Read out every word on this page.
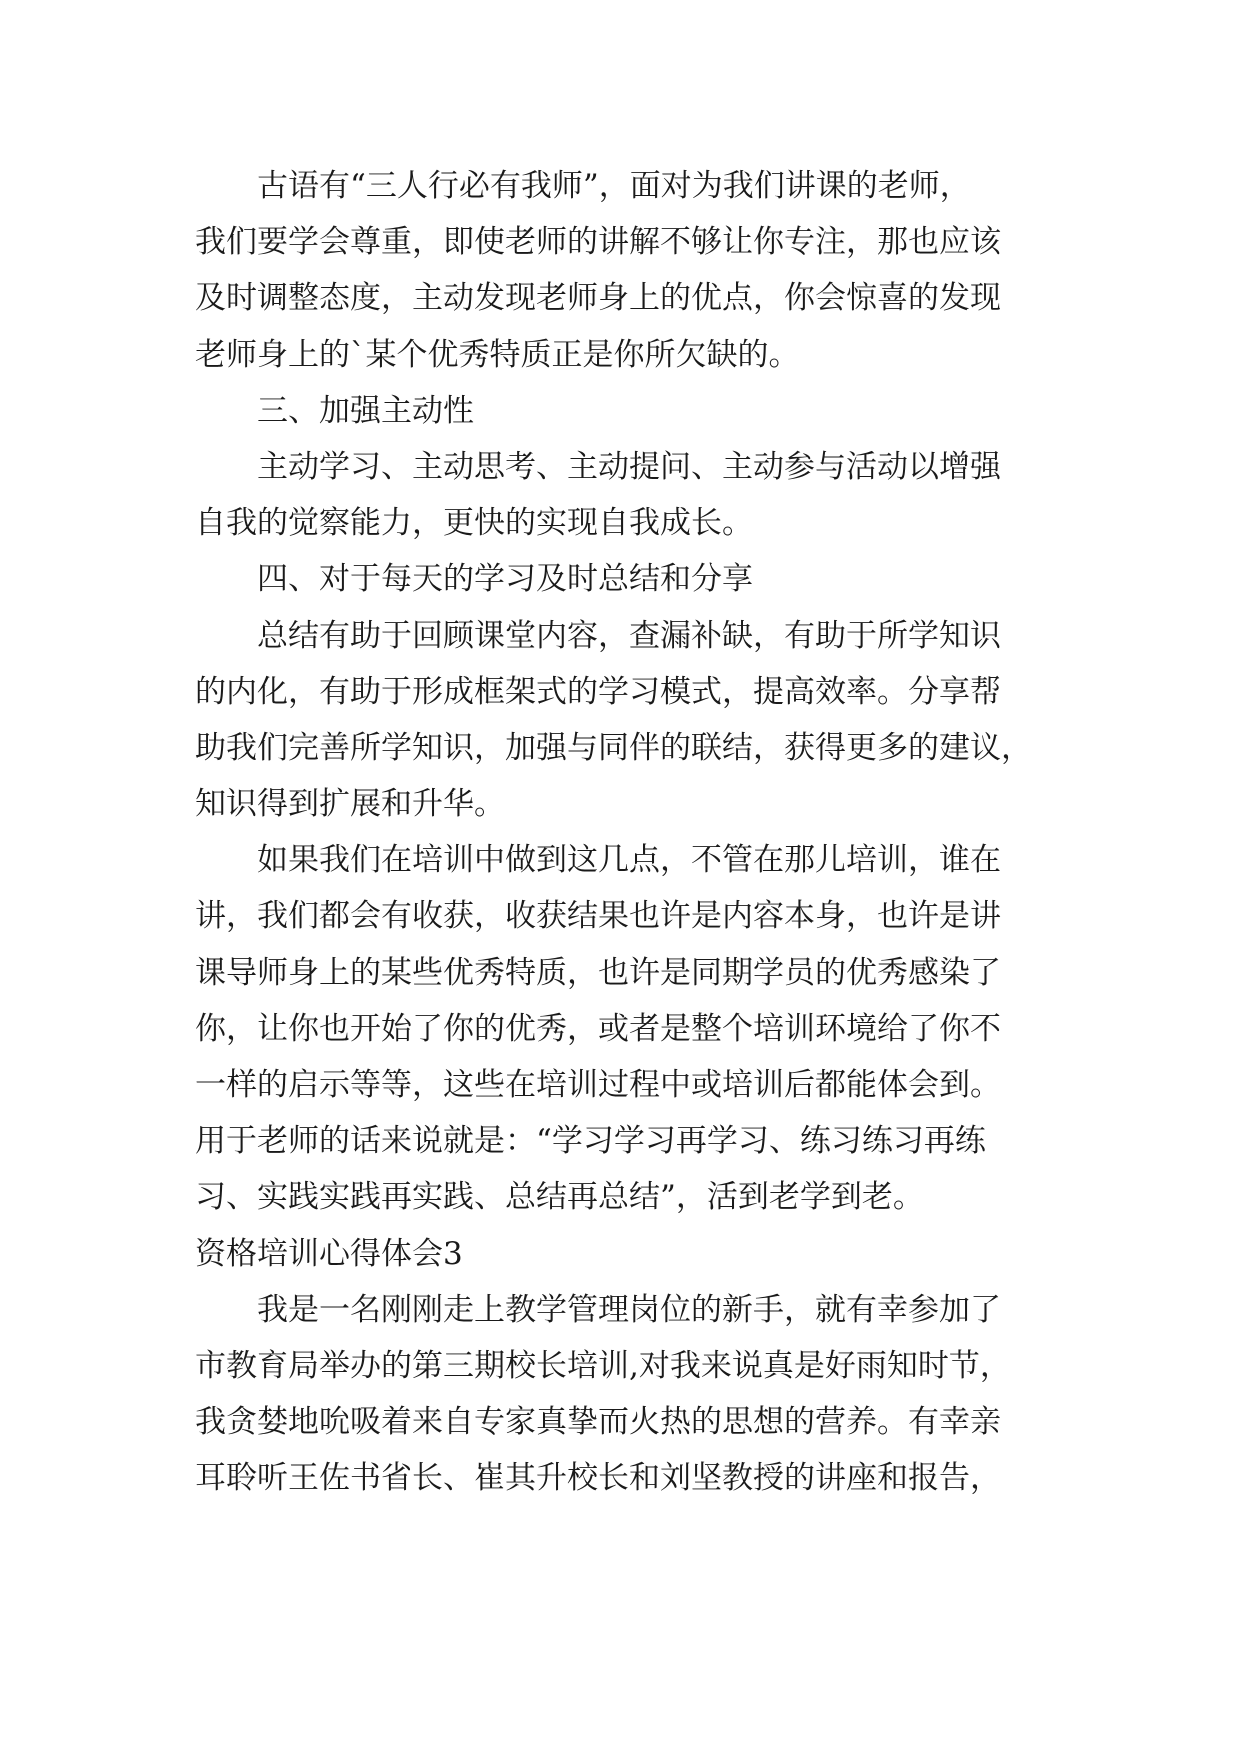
古语有“三人行必有我师”，面对为我们讲课的老师，
我们要学会尊重，即使老师的讲解不够让你专注，那也应该
及时调整态度，主动发现老师身上的优点，你会惊喜的发现
老师身上的`某个优秀特质正是你所欠缺的。
三、加强主动性
主动学习、主动思考、主动提问、主动参与活动以增强
自我的觉察能力，更快的实现自我成长。
四、对于每天的学习及时总结和分享
总结有助于回顾课堂内容，查漏补缺，有助于所学知识
的内化，有助于形成框架式的学习模式，提高效率。分享帮
助我们完善所学知识，加强与同伴的联结，获得更多的建议，
知识得到扩展和升华。
如果我们在培训中做到这几点，不管在那儿培训，谁在
讲，我们都会有收获，收获结果也许是内容本身，也许是讲
课导师身上的某些优秀特质，也许是同期学员的优秀感染了
你，让你也开始了你的优秀，或者是整个培训环境给了你不
一样的启示等等，这些在培训过程中或培训后都能体会到。
用于老师的话来说就是：“学习学习再学习、练习练习再练
习、实践实践再实践、总结再总结”，活到老学到老。
资格培训心得体会3
我是一名刚刚走上教学管理岗位的新手，就有幸参加了
市教育局举办的第三期校长培训,对我来说真是好雨知时节，
我贪婪地吮吸着来自专家真挚而火热的思想的营养。有幸亲
耳聆听王佐书省长、崔其升校长和刘坚教授的讲座和报告，
